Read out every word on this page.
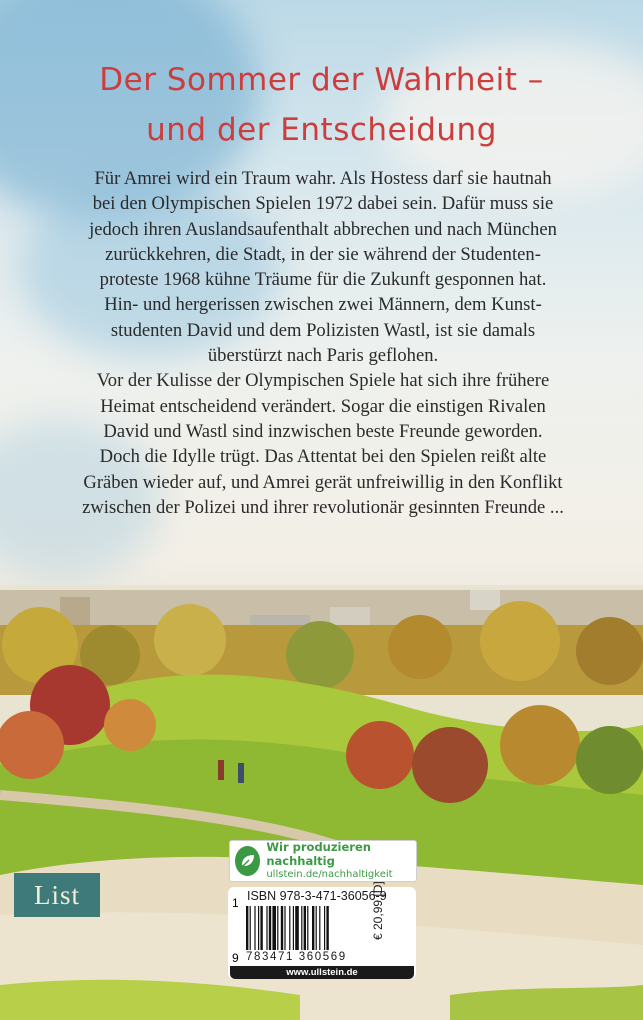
Der Sommer der Wahrheit –
und der Entscheidung
Für Amrei wird ein Traum wahr. Als Hostess darf sie hautnah
bei den Olympischen Spielen 1972 dabei sein. Dafür muss sie
jedoch ihren Auslandsaufenthalt abbrechen und nach München
zurückkehren, die Stadt, in der sie während der Studenten-
proteste 1968 kühne Träume für die Zukunft gesponnen hat.
Hin- und hergerissen zwischen zwei Männern, dem Kunst-
studenten David und dem Polizisten Wastl, ist sie damals
überstürzt nach Paris geflohen.
Vor der Kulisse der Olympischen Spiele hat sich ihre frühere
Heimat entscheidend verändert. Sogar die einstigen Rivalen
David und Wastl sind inzwischen beste Freunde geworden.
Doch die Idylle trügt. Das Attentat bei den Spielen reißt alte
Gräben wieder auf, und Amrei gerät unfreiwillig in den Konflikt
zwischen der Polizei und ihrer revolutionär gesinnten Freunde ...
List
Wir produzieren nachhaltig
ullstein.de/nachhaltigkeit
ISBN 978-3-471-36056-9
1
9 783471 360569
€ 20,99 [D]
www.ullstein.de
